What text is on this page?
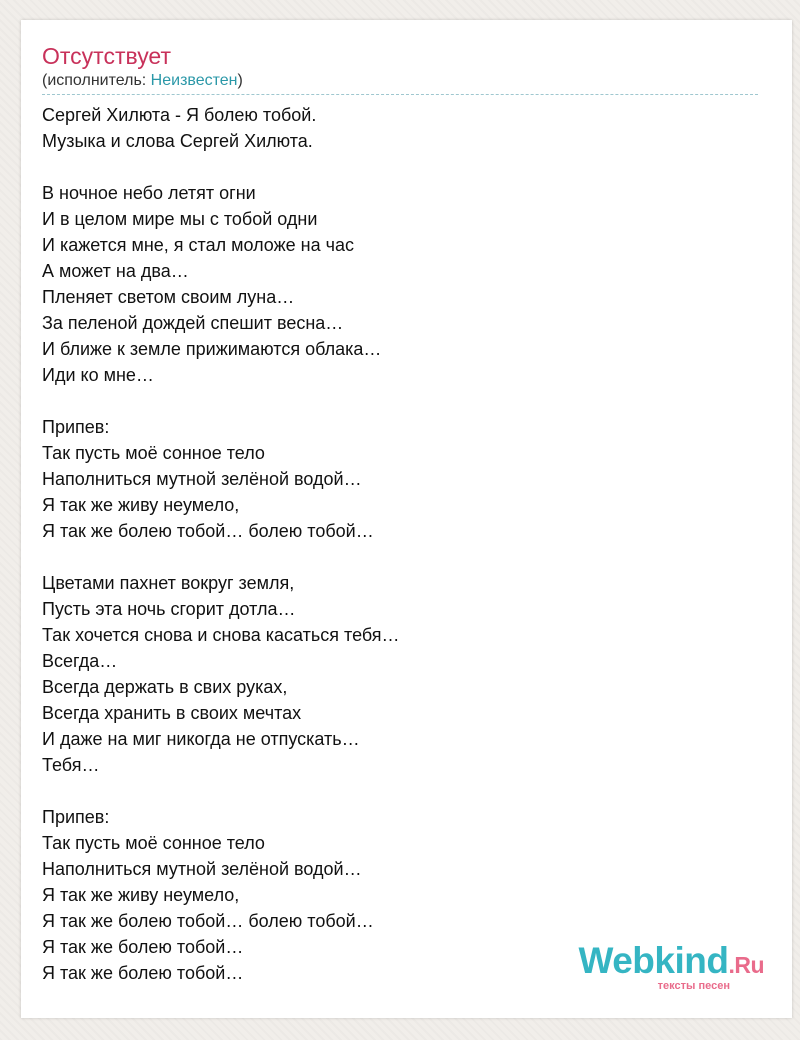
Отсутствует
(исполнитель: Неизвестен)
Сергей Хилюта - Я болею тобой.
Музыка и слова Сергей Хилюта.
В ночное небо летят огни
И в целом мире мы с тобой одни
И кажется мне, я стал моложе на час
А может на два…
Пленяет светом своим луна…
За пеленой дождей спешит весна…
И ближе к земле прижимаются облака…
Иди ко мне…
Припев:
Так пусть моё сонное тело
Наполниться мутной зелёной водой…
Я так же живу неумело,
Я так же болею тобой… болею тобой…
Цветами пахнет вокруг земля,
Пусть эта ночь сгорит дотла…
Так хочется снова и снова касаться тебя…
Всегда…
Всегда держать в свих руках,
Всегда хранить в своих мечтах
И даже на миг никогда не отпускать…
Тебя…
Припев:
Так пусть моё сонное тело
Наполниться мутной зелёной водой…
Я так же живу неумело,
Я так же болею тобой… болею тобой…
Я так же болею тобой…
Я так же болею тобой…	Webkind.Ru
тексты песен
